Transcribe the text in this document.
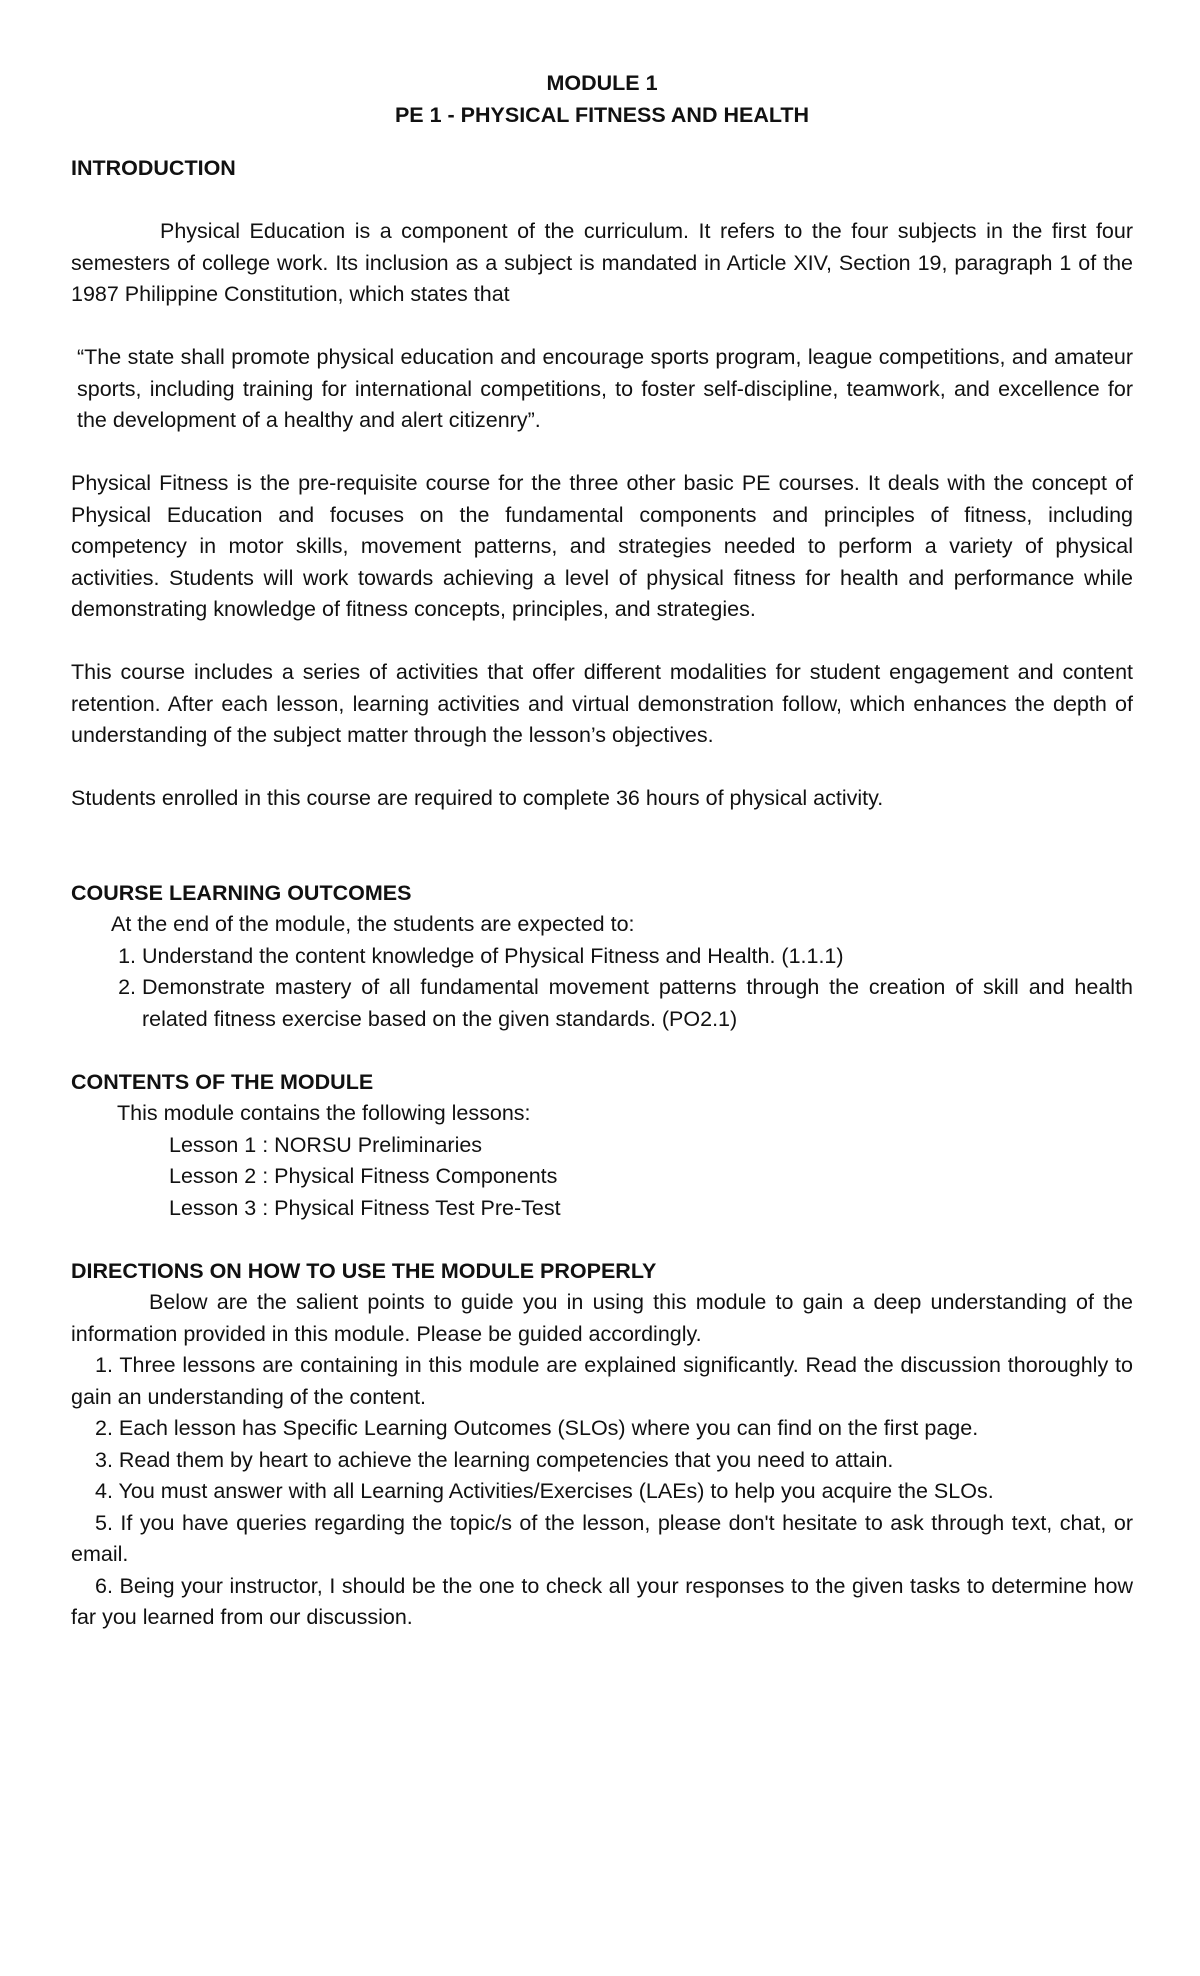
MODULE 1

PE 1 - PHYSICAL FITNESS AND HEALTH

INTRODUCTION

Physical Education is a component of the curriculum. It refers to the four subjects in the first four semesters of college work. Its inclusion as a subject is mandated in Article XIV, Section 19, paragraph 1 of the 1987 Philippine Constitution, which states that

“The state shall promote physical education and encourage sports program, league competitions, and amateur sports, including training for international competitions, to foster self-discipline, teamwork, and excellence for the development of a healthy and alert citizenry”.

Physical Fitness is the pre-requisite course for the three other basic PE courses. It deals with the concept of Physical Education and focuses on the fundamental components and principles of fitness, including competency in motor skills, movement patterns, and strategies needed to perform a variety of physical activities. Students will work towards achieving a level of physical fitness for health and performance while demonstrating knowledge of fitness concepts, principles, and strategies.

This course includes a series of activities that offer different modalities for student engagement and content retention. After each lesson, learning activities and virtual demonstration follow, which enhances the depth of understanding of the subject matter through the lesson’s objectives.

Students enrolled in this course are required to complete 36 hours of physical activity.

COURSE LEARNING OUTCOMES

At the end of the module, the students are expected to:

1. Understand the content knowledge of Physical Fitness and Health. (1.1.1)
2. Demonstrate mastery of all fundamental movement patterns through the creation of skill and health related fitness exercise based on the given standards. (PO2.1)

CONTENTS OF THE MODULE

This module contains the following lessons:

Lesson 1 : NORSU Preliminaries

Lesson 2 : Physical Fitness Components

Lesson 3 : Physical Fitness Test Pre-Test

DIRECTIONS ON HOW TO USE THE MODULE PROPERLY

Below are the salient points to guide you in using this module to gain a deep understanding of the information provided in this module. Please be guided accordingly.

1. Three lessons are containing in this module are explained significantly. Read the discussion thoroughly to gain an understanding of the content.

2. Each lesson has Specific Learning Outcomes (SLOs) where you can find on the first page.

3. Read them by heart to achieve the learning competencies that you need to attain.

4. You must answer with all Learning Activities/Exercises (LAEs) to help you acquire the SLOs.

5. If you have queries regarding the topic/s of the lesson, please don't hesitate to ask through text, chat, or email.

6. Being your instructor, I should be the one to check all your responses to the given tasks to determine how far you learned from our discussion.
